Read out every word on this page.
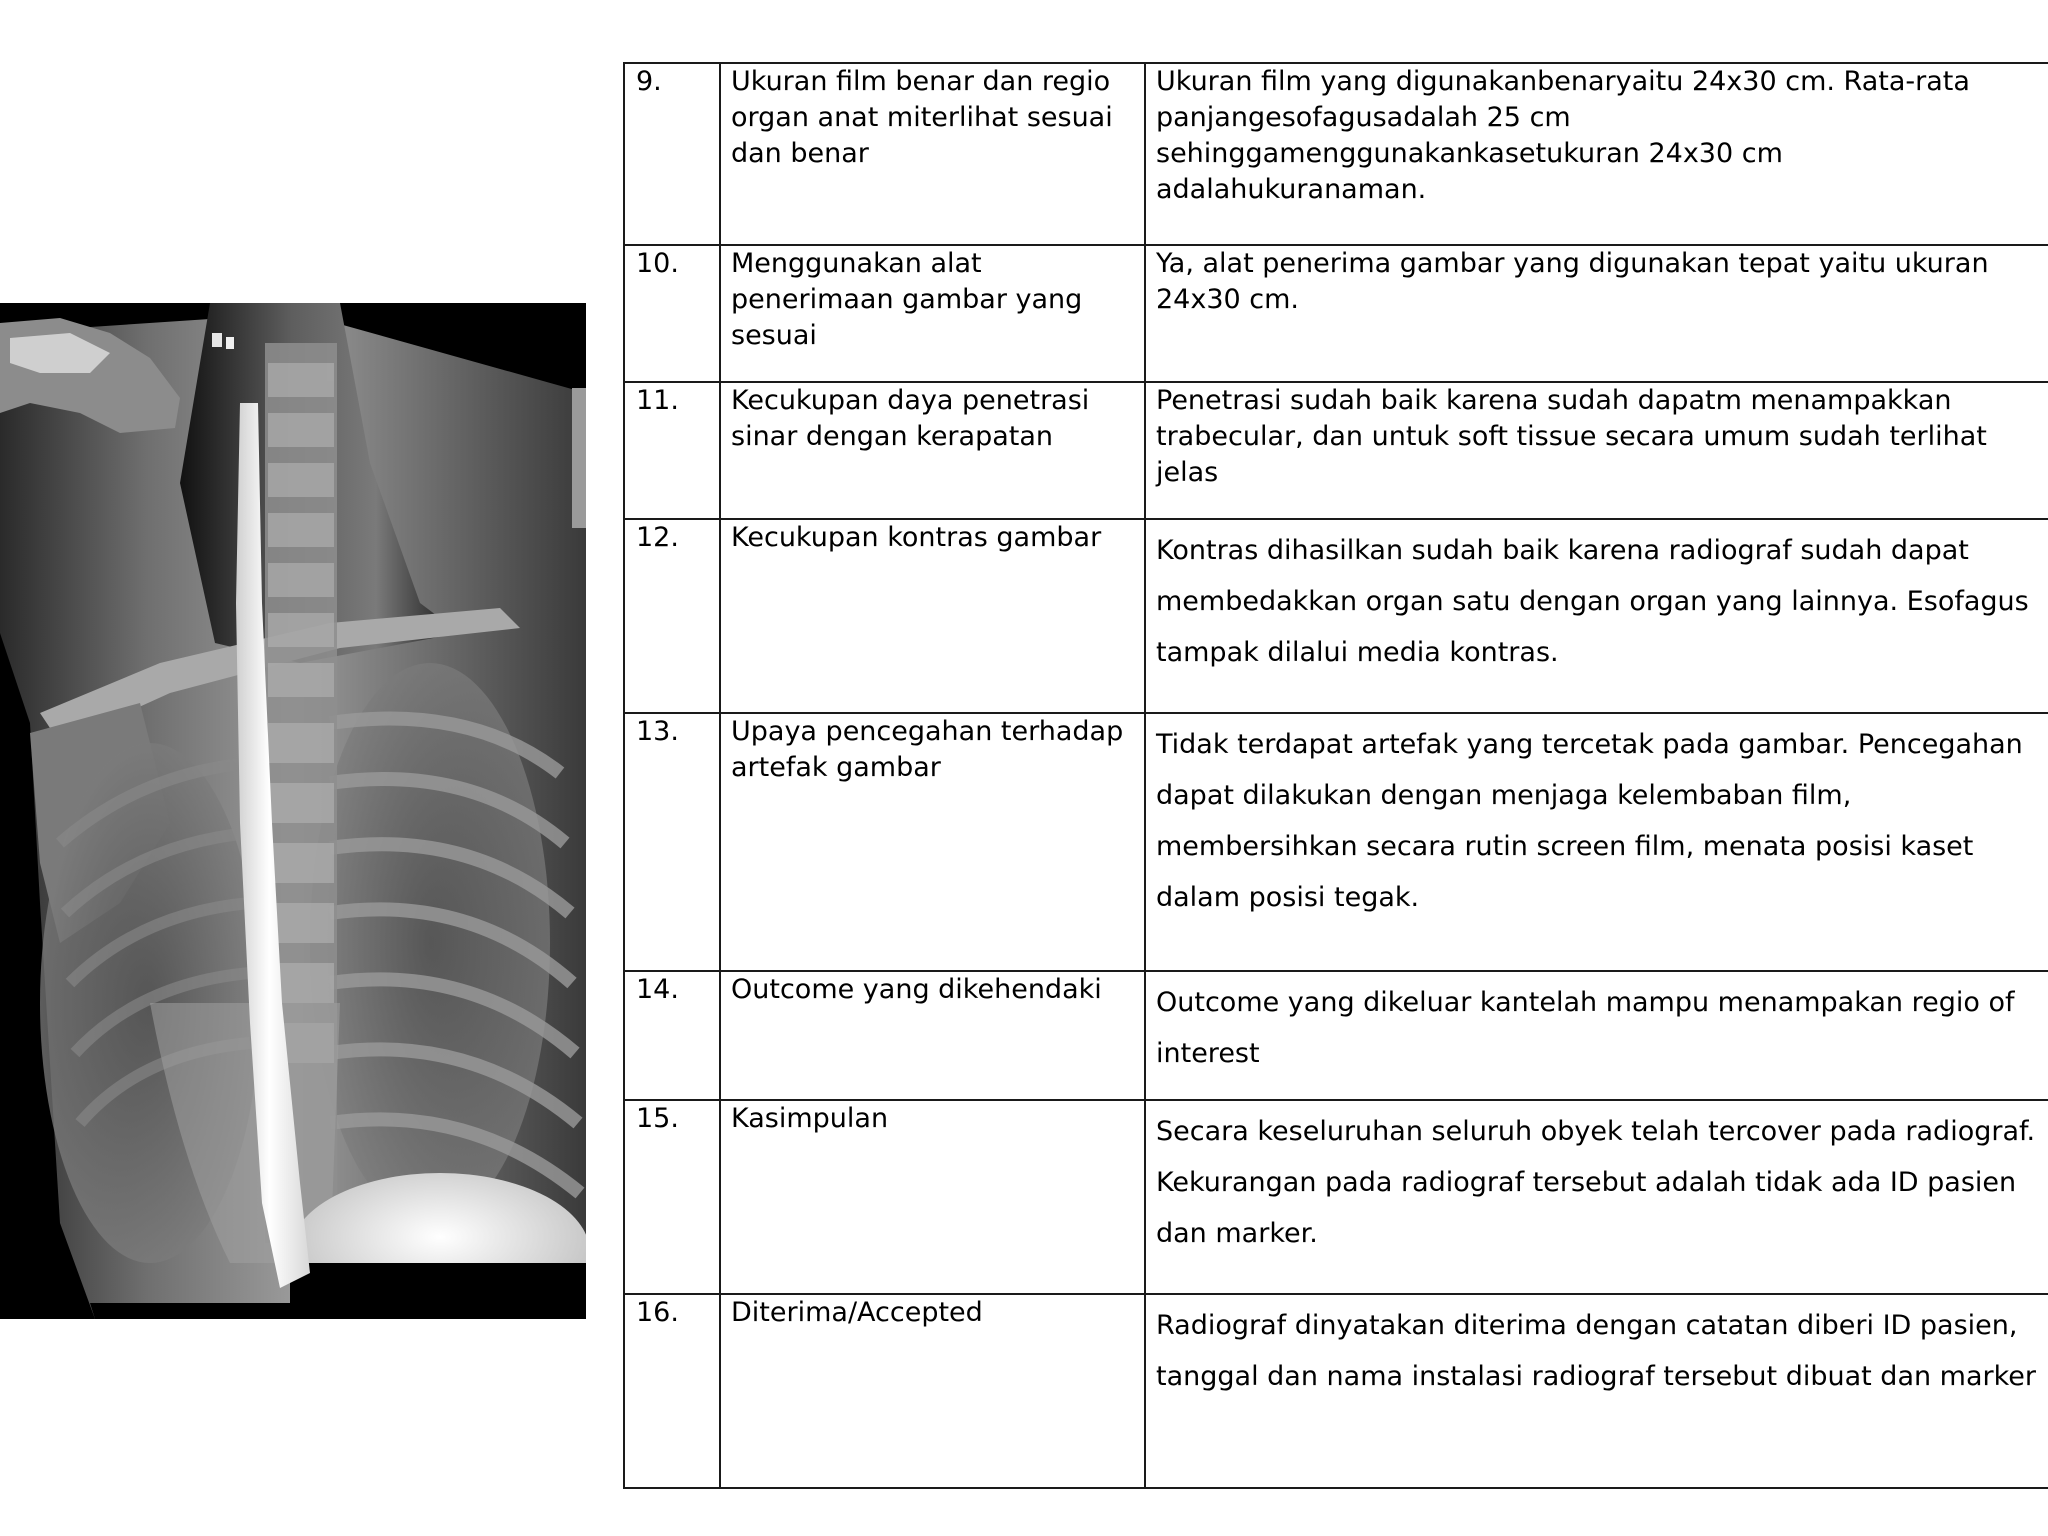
9.	Ukuran film benar dan regio organ anat miterlihat sesuai dan benar	Ukuran film yang digunakanbenaryaitu 24x30 cm. Rata-rata panjangesofagusadalah 25 cm sehinggamenggunakankasetukuran 24x30 cm adalahukuranaman.
10.	Menggunakan alat penerimaan gambar yang sesuai	Ya, alat penerima gambar yang digunakan tepat yaitu ukuran 24x30 cm.
11.	Kecukupan daya penetrasi sinar dengan kerapatan	Penetrasi sudah baik karena sudah dapatm menampakkan trabecular, dan untuk soft tissue secara umum sudah terlihat jelas
12.	Kecukupan kontras gambar	Kontras dihasilkan sudah baik karena radiograf sudah dapat membedakkan organ satu dengan organ yang lainnya. Esofagus tampak dilalui media kontras.
13.	Upaya pencegahan terhadap artefak gambar	Tidak terdapat artefak yang tercetak pada gambar. Pencegahan dapat dilakukan dengan menjaga kelembaban film, membersihkan secara rutin screen film, menata posisi kaset dalam posisi tegak.
14.	Outcome yang dikehendaki	Outcome yang dikeluar kantelah mampu menampakan regio of interest
15.	Kasimpulan	Secara keseluruhan seluruh obyek telah tercover pada radiograf. Kekurangan pada radiograf tersebut adalah tidak ada ID pasien dan marker.
16.	Diterima/Accepted	Radiograf dinyatakan diterima dengan catatan diberi ID pasien, tanggal dan nama instalasi radiograf tersebut dibuat dan marker
